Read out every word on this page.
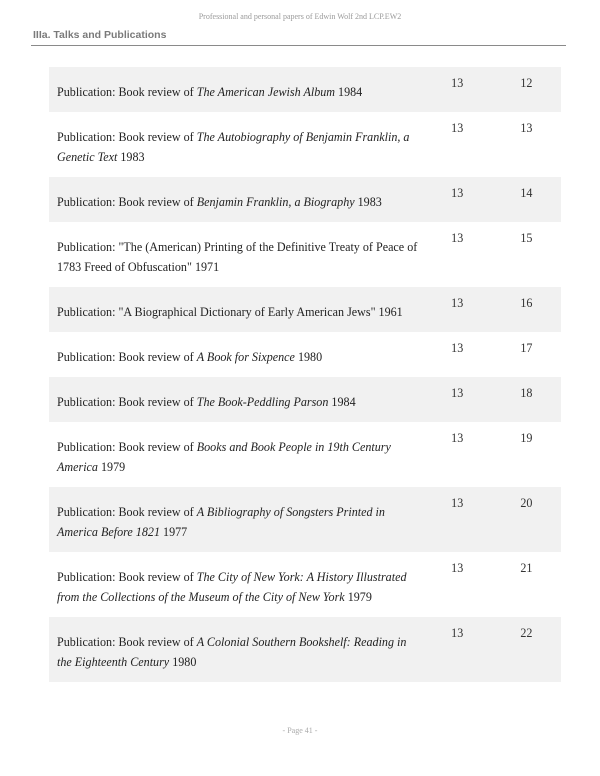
Professional and personal papers of Edwin Wolf 2nd LCP.EW2
IIIa. Talks and Publications
Publication: Book review of The American Jewish Album 1984
13	12
Publication: Book review of The Autobiography of Benjamin Franklin, a Genetic Text 1983
13	13
Publication: Book review of Benjamin Franklin, a Biography 1983
13	14
Publication: "The (American) Printing of the Definitive Treaty of Peace of 1783 Freed of Obfuscation" 1971
13	15
Publication: "A Biographical Dictionary of Early American Jews" 1961
13	16
Publication: Book review of A Book for Sixpence 1980
13	17
Publication: Book review of The Book-Peddling Parson 1984
13	18
Publication: Book review of Books and Book People in 19th Century America 1979
13	19
Publication: Book review of A Bibliography of Songsters Printed in America Before 1821 1977
13	20
Publication: Book review of The City of New York: A History Illustrated from the Collections of the Museum of the City of New York 1979
13	21
Publication: Book review of A Colonial Southern Bookshelf: Reading in the Eighteenth Century 1980
13	22
- Page 41 -
